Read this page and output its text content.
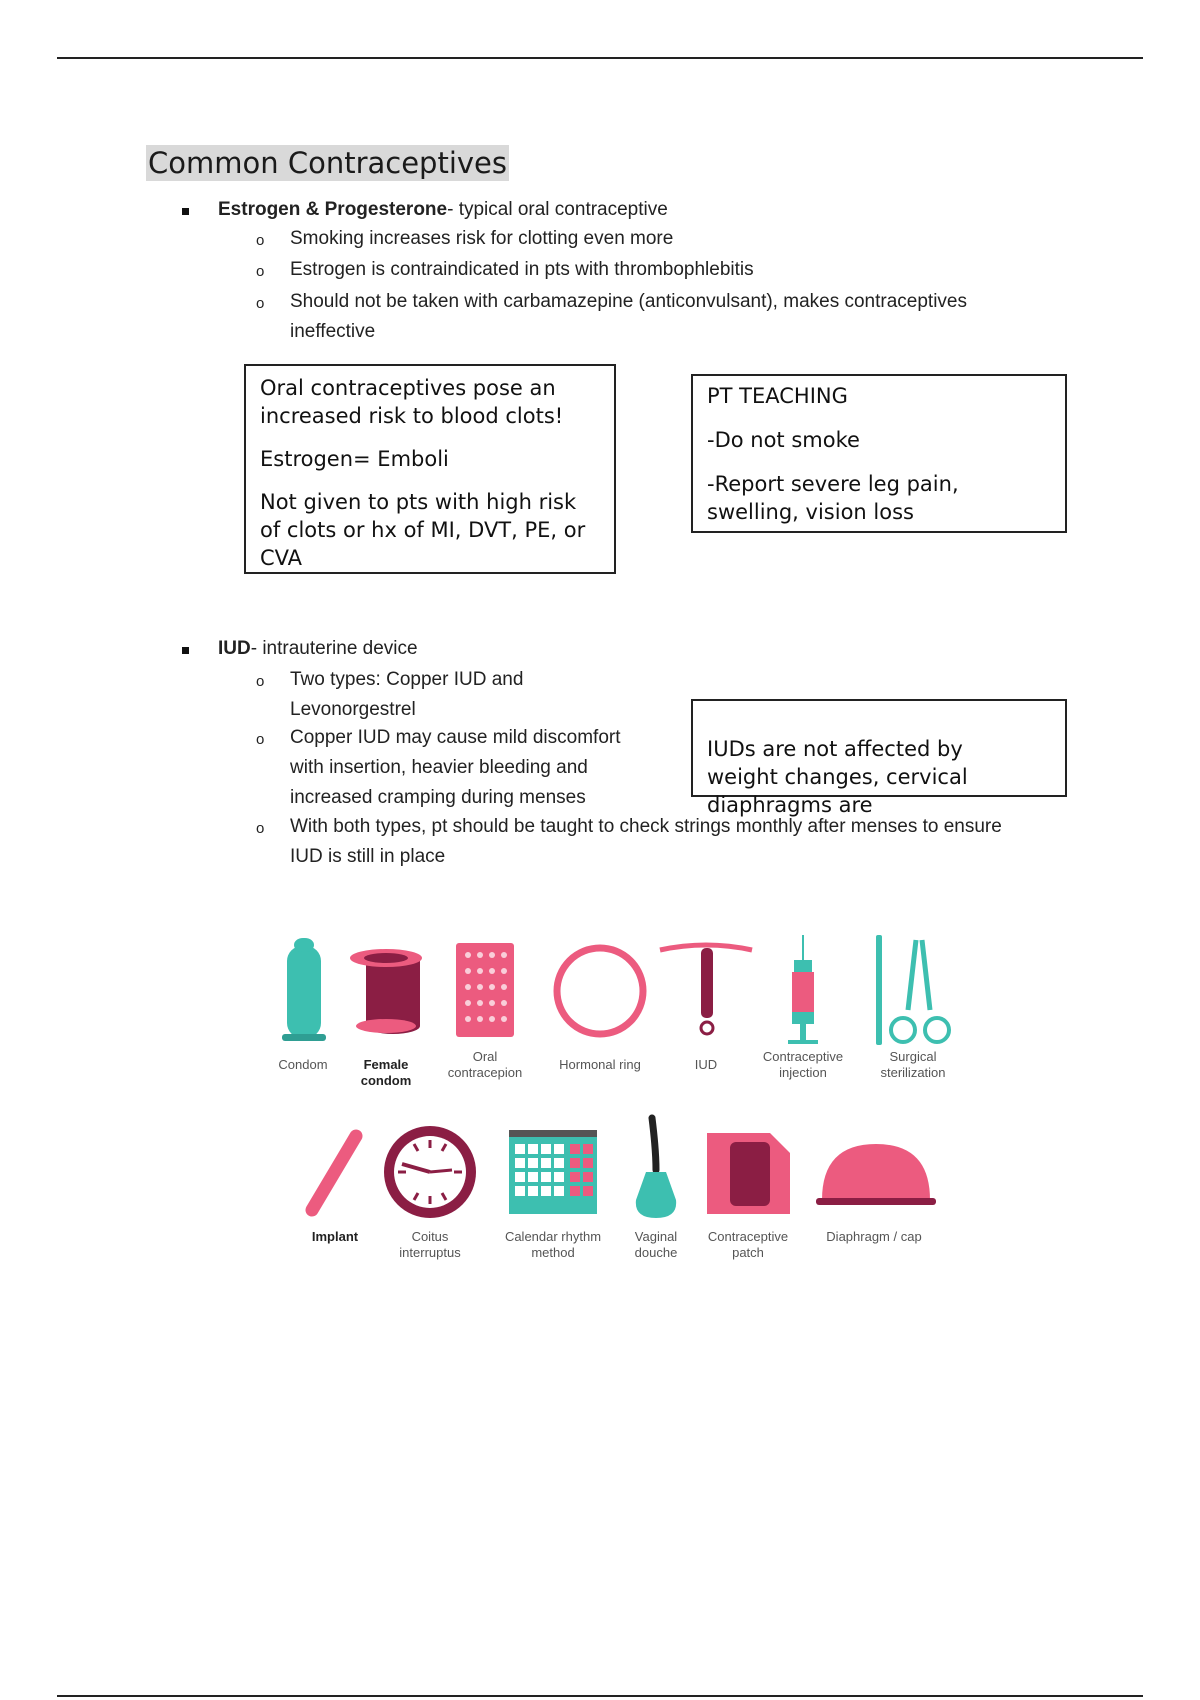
Common Contraceptives
Estrogen & Progesterone- typical oral contraceptive
o
Smoking increases risk for clotting even more
o
Estrogen is contraindicated in pts with thrombophlebitis
o
Should not be taken with carbamazepine (anticonvulsant), makes contraceptives
ineffective

Oral contraceptives pose an

increased risk to blood clots!

Estrogen= Emboli

Not given to pts with high risk

of clots or hx of MI, DVT, PE, or

CVA

PT TEACHING

-Do not smoke

-Report severe leg pain,

swelling, vision loss

IUD- intrauterine device
o
Two types: Copper IUD and
Levonorgestrel
o
Copper IUD may cause mild discomfort
with insertion, heavier bleeding and
increased cramping during menses

IUDs are not affected by

weight changes, cervical

diaphragms are

o
With both types, pt should be taught to check strings monthly after menses to ensure
IUD is still in place
Condom	Female
condom
Oral
contracepion
Hormonal ring	IUD
Contraceptive
injection
Surgical
sterilization
Implant	Coitus
interruptus
Calendar rhythm
method
Vaginal
douche
Contraceptive
patch
Diaphragm / cap
